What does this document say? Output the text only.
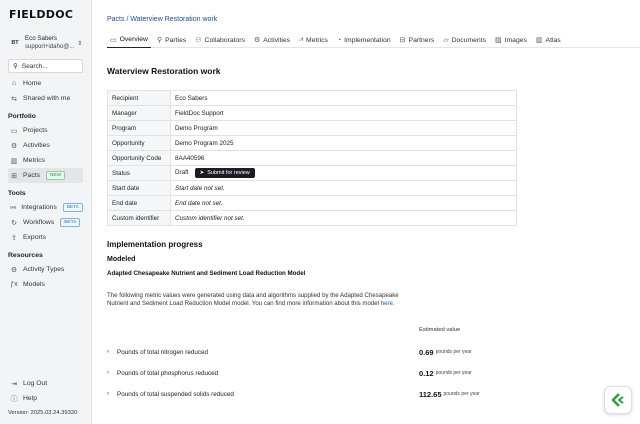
FIELDDOC
BT
Eco Sabers
support+idaho@...
⇕
⚲ Search...
⌂	Home
⇆ Shared with me
Portfolio
▭ Projects
⚙ Activities
▥ Metrics
⊞ Pacts	NEW
Tools
⚯ Integrations	BETA
↻ Workflows	BETA
⇪ Exports
Resources
⚙ Activity Types
ƒx Models
⇥ Log Out
ⓘ Help
Version: 2025.03.24.39320
Pacts / Waterview Restoration work
▭ Overview ⚲ Parties ⚇ Collaborators ⚙ Activities ⩘ Metrics ◔ Implementation ⊟ Partners ▱ Documents ▨ Images ▥ Atlas
Waterview Restoration work
Recipient	Eco Sabers
Manager	FieldDoc Support
Program	Demo Program
Opportunity	Demo Program 2025
Opportunity Code	8AA40596
Status	Draft ➤ Submit for review

Start date	Start date not set.
End date	End date not set.
Custom identifier	Custom identifier not set.
Implementation progress
Modeled
Adapted Chesapeake Nutrient and Sediment Load Reduction Model
The following metric values were generated using data and algorithms supplied by the Adapted Chesapeake Nutrient and Sediment Load Reduction Model model. You can find more information about this model here.
Estimated value
›	Pounds of total nitrogen reduced	0.69 pounds per year
›	Pounds of total phosphorus reduced	0.12 pounds per year
›	Pounds of total suspended solids reduced	112.65 pounds per year
